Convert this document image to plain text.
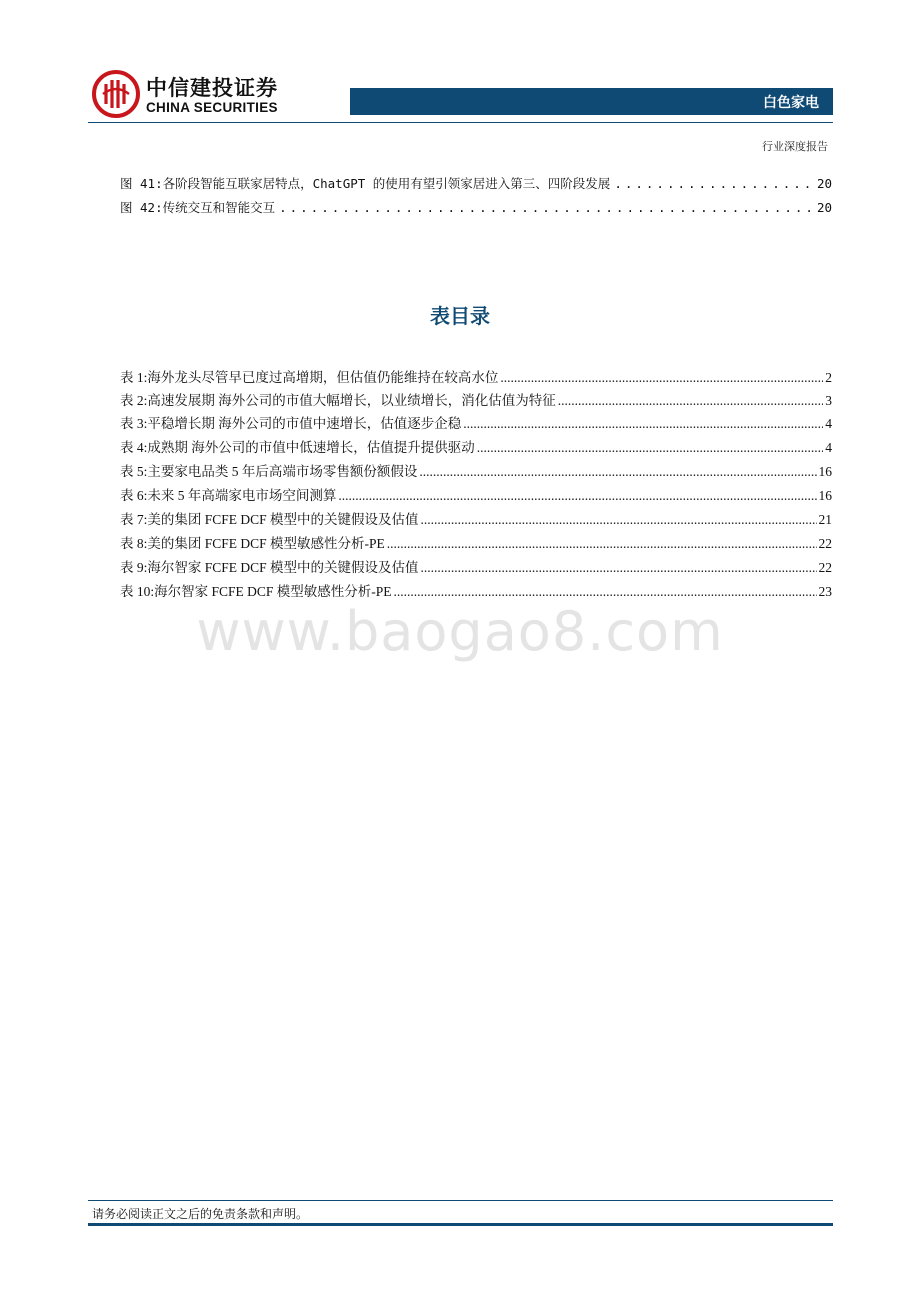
中信建投证券
CHINA SECURITIES	白色家电
行业深度报告
图 41:各阶段智能互联家居特点，ChatGPT 的使用有望引领家居进入第三、四阶段发展 .....	20
图 42:传统交互和智能交互 .....	20
表目录
表 1:海外龙头尽管早已度过高增期，但估值仍能维持在较高水位 .....	2
表 2:高速发展期 海外公司的市值大幅增长，以业绩增长，消化估值为特征 .....	3
表 3:平稳增长期 海外公司的市值中速增长，估值逐步企稳 .....	4
表 4:成熟期 海外公司的市值中低速增长，估值提升提供驱动 .....	4
表 5:主要家电品类 5 年后高端市场零售额份额假设 .....	16
表 6:未来 5 年高端家电市场空间测算 .....	16
表 7:美的集团 FCFE DCF 模型中的关键假设及估值 .....	21
表 8:美的集团 FCFE DCF 模型敏感性分析-PE .....	22
表 9:海尔智家 FCFE DCF 模型中的关键假设及估值 .....	22
表 10:海尔智家 FCFE DCF 模型敏感性分析-PE .....	23
www.baogao8.com
请务必阅读正文之后的免责条款和声明。
